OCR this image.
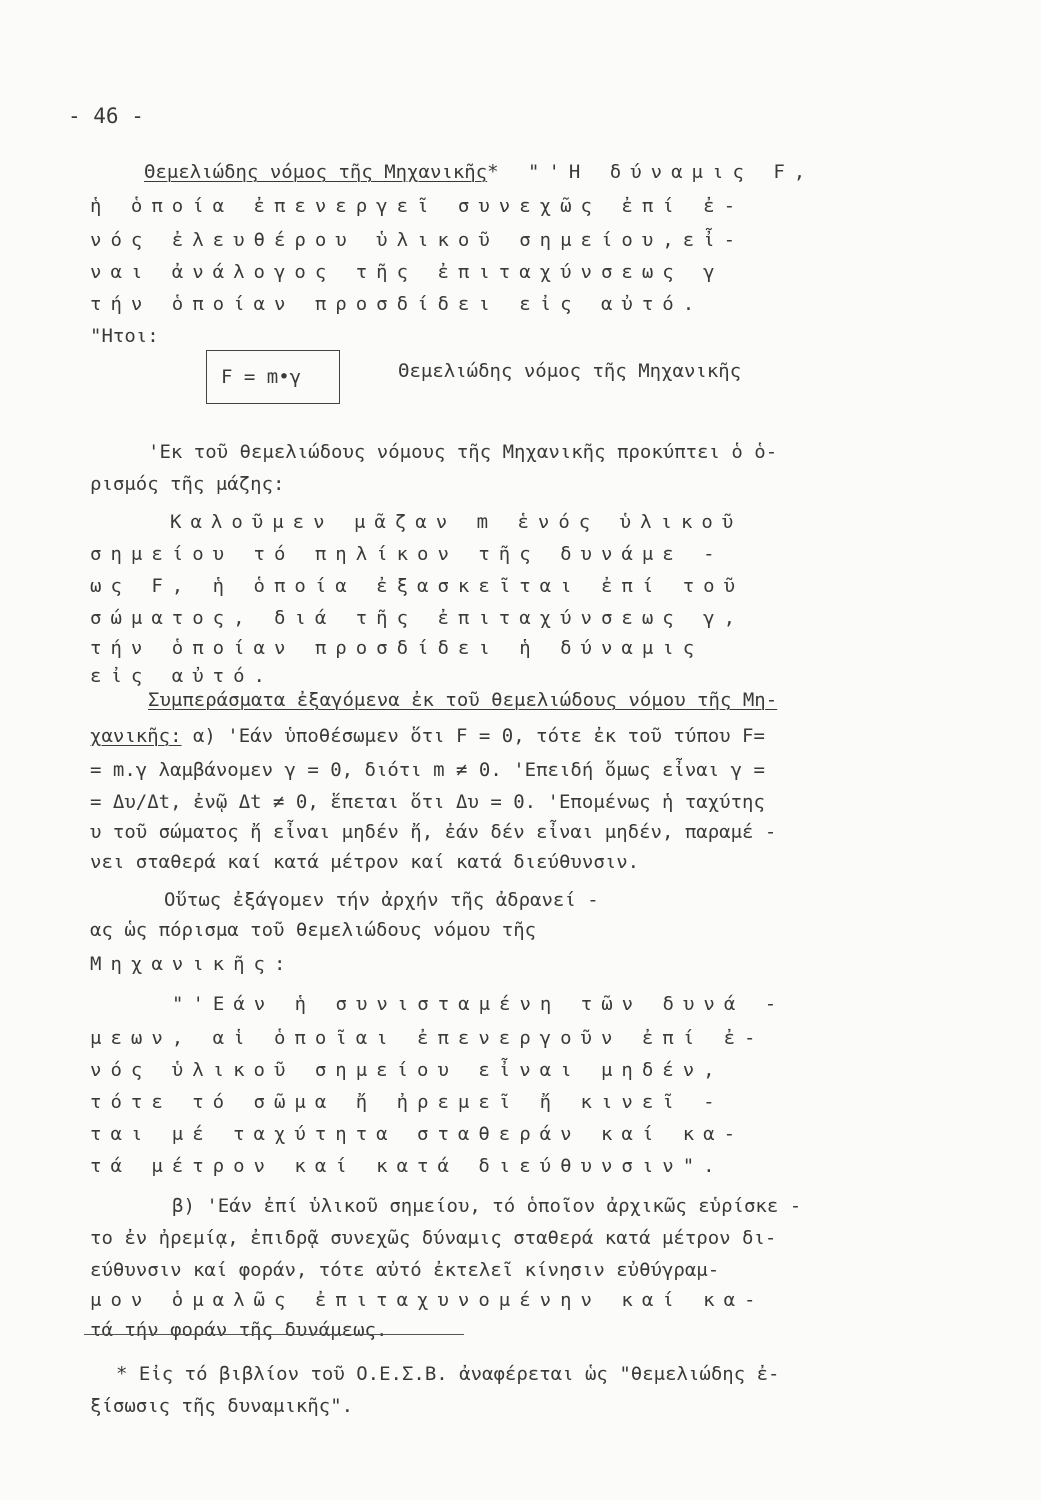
- 46 -
Θεμελιώδης νόμος τῆς Μηχανικῆς* "'Η δύναμις F,
ἡ ὁποία ἐπενεργεῖ συνεχῶς ἐπί ἐ-
νός ἐλευθέρου ὑλικοῦ σημείου,εἶ-
ναι ἀνάλογος τῆς ἐπιταχύνσεως γ
τήν ὁποίαν προσδίδει εἰς αὐτό.
"Ητοι:
F = m•γ	Θεμελιώδης νόμος τῆς Μηχανικῆς
'Εκ τοῦ θεμελιώδους νόμους τῆς Μηχανικῆς προκύπτει ὁ ὁ-
ρισμός τῆς μάζης:
Καλοῦμεν μᾶζαν m ἑνός ὑλικοῦ
σημείου τό πηλίκον τῆς δυνάμε -
ως F, ἡ ὁποία ἐξασκεῖται ἐπί τοῦ
σώματος, διά τῆς ἐπιταχύνσεως γ,
τήν ὁποίαν προσδίδει ἡ δύναμις
εἰς αὐτό.
Συμπεράσματα ἐξαγόμενα ἐκ τοῦ θεμελιώδους νόμου τῆς Μη-
χανικῆς: α) 'Εάν ὑποθέσωμεν ὅτι F = 0, τότε ἐκ τοῦ τύπου F=
= m.γ λαμβάνομεν γ = 0, διότι m ≠ 0. 'Επειδή ὅμως εἶναι γ =
= Δυ/Δt, ἐνῷ Δt ≠ 0, ἕπεται ὅτι Δυ = 0. 'Επομένως ἡ ταχύτης
υ τοῦ σώματος ἤ εἶναι μηδέν ἤ, ἐάν δέν εἶναι μηδέν, παραμέ -
νει σταθερά καί κατά μέτρον καί κατά διεύθυνσιν.
Οὕτως ἐξάγομεν τήν ἀρχήν τῆς ἀδρανεί -
ας ὡς πόρισμα τοῦ θεμελιώδους νόμου τῆς
Μηχανικῆς:
"'Εάν ἡ συνισταμένη τῶν δυνά -
μεων, αἱ ὁποῖαι ἐπενεργοῦν ἐπί ἐ-
νός ὑλικοῦ σημείου εἶναι μηδέν,
τότε τό σῶμα ἤ ἠρεμεῖ ἤ κινεῖ -
ται μέ ταχύτητα σταθεράν καί κα-
τά μέτρον καί κατά διεύθυνσιν".
β) 'Εάν ἐπί ὑλικοῦ σημείου, τό ὁποῖον ἀρχικῶς εὑρίσκε -
το ἐν ἠρεμίᾳ, ἐπιδρᾷ συνεχῶς δύναμις σταθερά κατά μέτρον δι-
εύθυνσιν καί φοράν, τότε αὐτό ἐκτελεῖ κίνησιν εὐθύγραμ-
μον ὁμαλῶς ἐπιταχυνομένην καί κα-
τά τήν φοράν τῆς δυνάμεως.
* Εἰς τό βιβλίον τοῦ Ο.Ε.Σ.Β. ἀναφέρεται ὡς "θεμελιώδης ἐ-
ξίσωσις τῆς δυναμικῆς".
